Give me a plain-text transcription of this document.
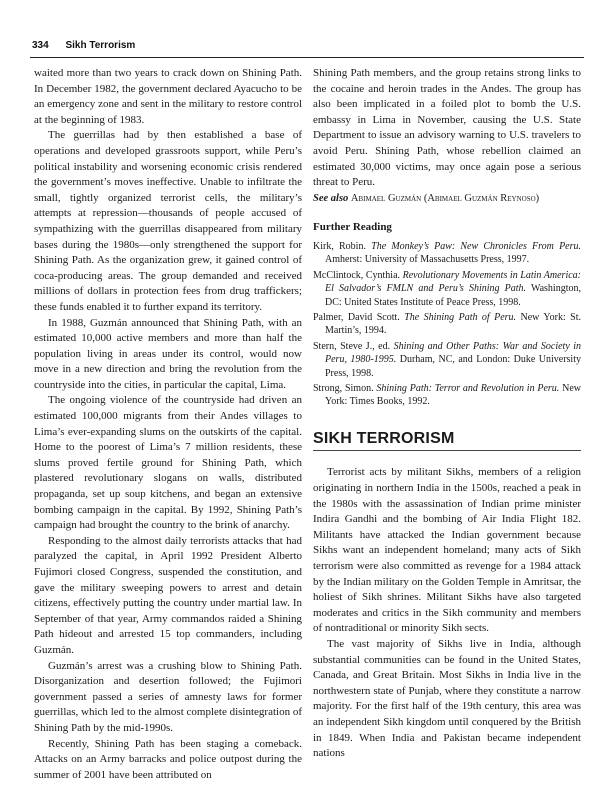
334 Sikh Terrorism

waited more than two years to crack down on Shining Path. In December 1982, the government declared Ayacucho to be an emergency zone and sent in the military to restore control at the beginning of 1983.

The guerrillas had by then established a base of operations and developed grassroots support, while Peru’s political instability and worsening economic crisis rendered the government’s moves ineffective. Unable to infiltrate the small, tightly organized terrorist cells, the military’s attempts at repression—thousands of people accused of sympathizing with the guerrillas disappeared from military bases during the 1980s—only strengthened the support for Shining Path. As the organization grew, it gained control of coca-producing areas. The group demanded and received millions of dollars in protection fees from drug traffickers; these funds enabled it to further expand its territory.

In 1988, Guzmán announced that Shining Path, with an estimated 10,000 active members and more than half the population living in areas under its control, would now move in a new direction and bring the revolution from the countryside into the cities, in particular the capital, Lima.

The ongoing violence of the countryside had driven an estimated 100,000 migrants from their Andes villages to Lima’s ever-expanding slums on the outskirts of the capital. Home to the poorest of Lima’s 7 million residents, these slums proved fertile ground for Shining Path, which plastered revolutionary slogans on walls, distributed propaganda, set up soup kitchens, and began an extensive bombing campaign in the capital. By 1992, Shining Path’s campaign had brought the country to the brink of anarchy.

Responding to the almost daily terrorists attacks that had paralyzed the capital, in April 1992 President Alberto Fujimori closed Congress, suspended the constitution, and gave the military sweeping powers to arrest and detain citizens, effectively putting the country under martial law. In September of that year, Army commandos raided a Shining Path hideout and arrested 15 top commanders, including Guzmán.

Guzmán’s arrest was a crushing blow to Shining Path. Disorganization and desertion followed; the Fujimori government passed a series of amnesty laws for former guerrillas, which led to the almost complete disintegration of Shining Path by the mid-1990s.

Recently, Shining Path has been staging a comeback. Attacks on an Army barracks and police outpost during the summer of 2001 have been attributed on

Shining Path members, and the group retains strong links to the cocaine and heroin trades in the Andes. The group has also been implicated in a foiled plot to bomb the U.S. embassy in Lima in November, causing the U.S. State Department to issue an advisory warning to U.S. travelers to avoid Peru. Shining Path, whose rebellion claimed an estimated 30,000 victims, may once again pose a serious threat to Peru.

See also Abimael Guzmán (Abimael Guzmán Reynoso)

Further Reading
Kirk, Robin. The Monkey’s Paw: New Chronicles From Peru. Amherst: University of Massachusetts Press, 1997.
McClintock, Cynthia. Revolutionary Movements in Latin America: El Salvador’s FMLN and Peru’s Shining Path. Washington, DC: United States Institute of Peace Press, 1998.
Palmer, David Scott. The Shining Path of Peru. New York: St. Martin’s, 1994.
Stern, Steve J., ed. Shining and Other Paths: War and Society in Peru, 1980-1995. Durham, NC, and London: Duke University Press, 1998.
Strong, Simon. Shining Path: Terror and Revolution in Peru. New York: Times Books, 1992.
SIKH TERRORISM

Terrorist acts by militant Sikhs, members of a religion originating in northern India in the 1500s, reached a peak in the 1980s with the assassination of Indian prime minister Indira Gandhi and the bombing of Air India Flight 182. Militants have attacked the Indian government because Sikhs want an independent homeland; many acts of Sikh terrorism were also committed as revenge for a 1984 attack by the Indian military on the Golden Temple in Amritsar, the holiest of Sikh shrines. Militant Sikhs have also targeted moderates and critics in the Sikh community and members of nontraditional or minority Sikh sects.

The vast majority of Sikhs live in India, although substantial communities can be found in the United States, Canada, and Great Britain. Most Sikhs in India live in the northwestern state of Punjab, where they constitute a narrow majority. For the first half of the 19th century, this area was an independent Sikh kingdom until conquered by the British in 1849. When India and Pakistan became independent nations
